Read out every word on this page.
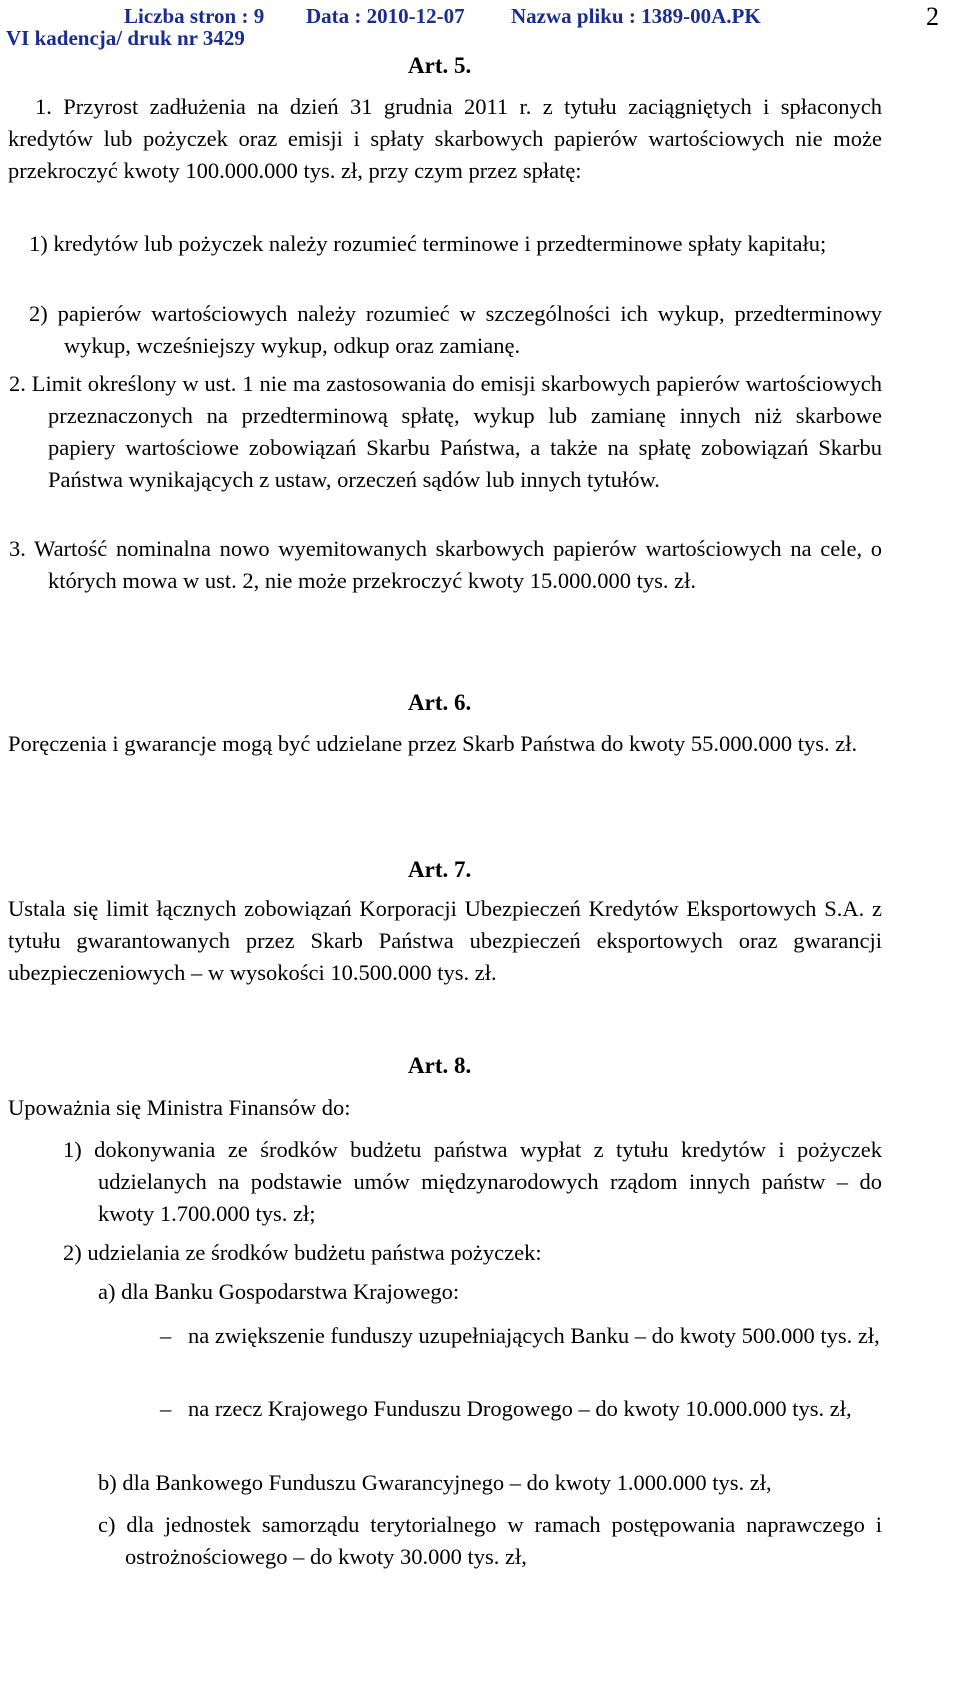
Liczba stron : 9 Data : 2010-12-07 Nazwa pliku : 1389-00A.PK
VI kadencja/ druk nr 3429
2
Art. 5.

1. Przyrost zadłużenia na dzień 31 grudnia 2011 r. z tytułu zaciągniętych i spłaconych kredytów lub pożyczek oraz emisji i spłaty skarbowych papierów wartościowych nie może przekroczyć kwoty 100.000.000 tys. zł, przy czym przez spłatę:

1) kredytów lub pożyczek należy rozumieć terminowe i przedterminowe spłaty kapitału;

2) papierów wartościowych należy rozumieć w szczególności ich wykup, przedterminowy wykup, wcześniejszy wykup, odkup oraz zamianę.

2. Limit określony w ust. 1 nie ma zastosowania do emisji skarbowych papierów wartościowych przeznaczonych na przedterminową spłatę, wykup lub zamianę innych niż skarbowe papiery wartościowe zobowiązań Skarbu Państwa, a także na spłatę zobowiązań Skarbu Państwa wynikających z ustaw, orzeczeń sądów lub innych tytułów.

3. Wartość nominalna nowo wyemitowanych skarbowych papierów wartościowych na cele, o których mowa w ust. 2, nie może przekroczyć kwoty 15.000.000 tys. zł.

Art. 6.

Poręczenia i gwarancje mogą być udzielane przez Skarb Państwa do kwoty 55.000.000 tys. zł.

Art. 7.

Ustala się limit łącznych zobowiązań Korporacji Ubezpieczeń Kredytów Eksportowych S.A. z tytułu gwarantowanych przez Skarb Państwa ubezpieczeń eksportowych oraz gwarancji ubezpieczeniowych – w wysokości 10.500.000 tys. zł.

Art. 8.

Upoważnia się Ministra Finansów do:

1) dokonywania ze środków budżetu państwa wypłat z tytułu kredytów i pożyczek udzielanych na podstawie umów międzynarodowych rządom innych państw – do kwoty 1.700.000 tys. zł;

2) udzielania ze środków budżetu państwa pożyczek:

a) dla Banku Gospodarstwa Krajowego:

– na zwiększenie funduszy uzupełniających Banku – do kwoty 500.000 tys. zł,

– na rzecz Krajowego Funduszu Drogowego – do kwoty 10.000.000 tys. zł,

b) dla Bankowego Funduszu Gwarancyjnego – do kwoty 1.000.000 tys. zł,

c) dla jednostek samorządu terytorialnego w ramach postępowania naprawczego i ostrożnościowego – do kwoty 30.000 tys. zł,
